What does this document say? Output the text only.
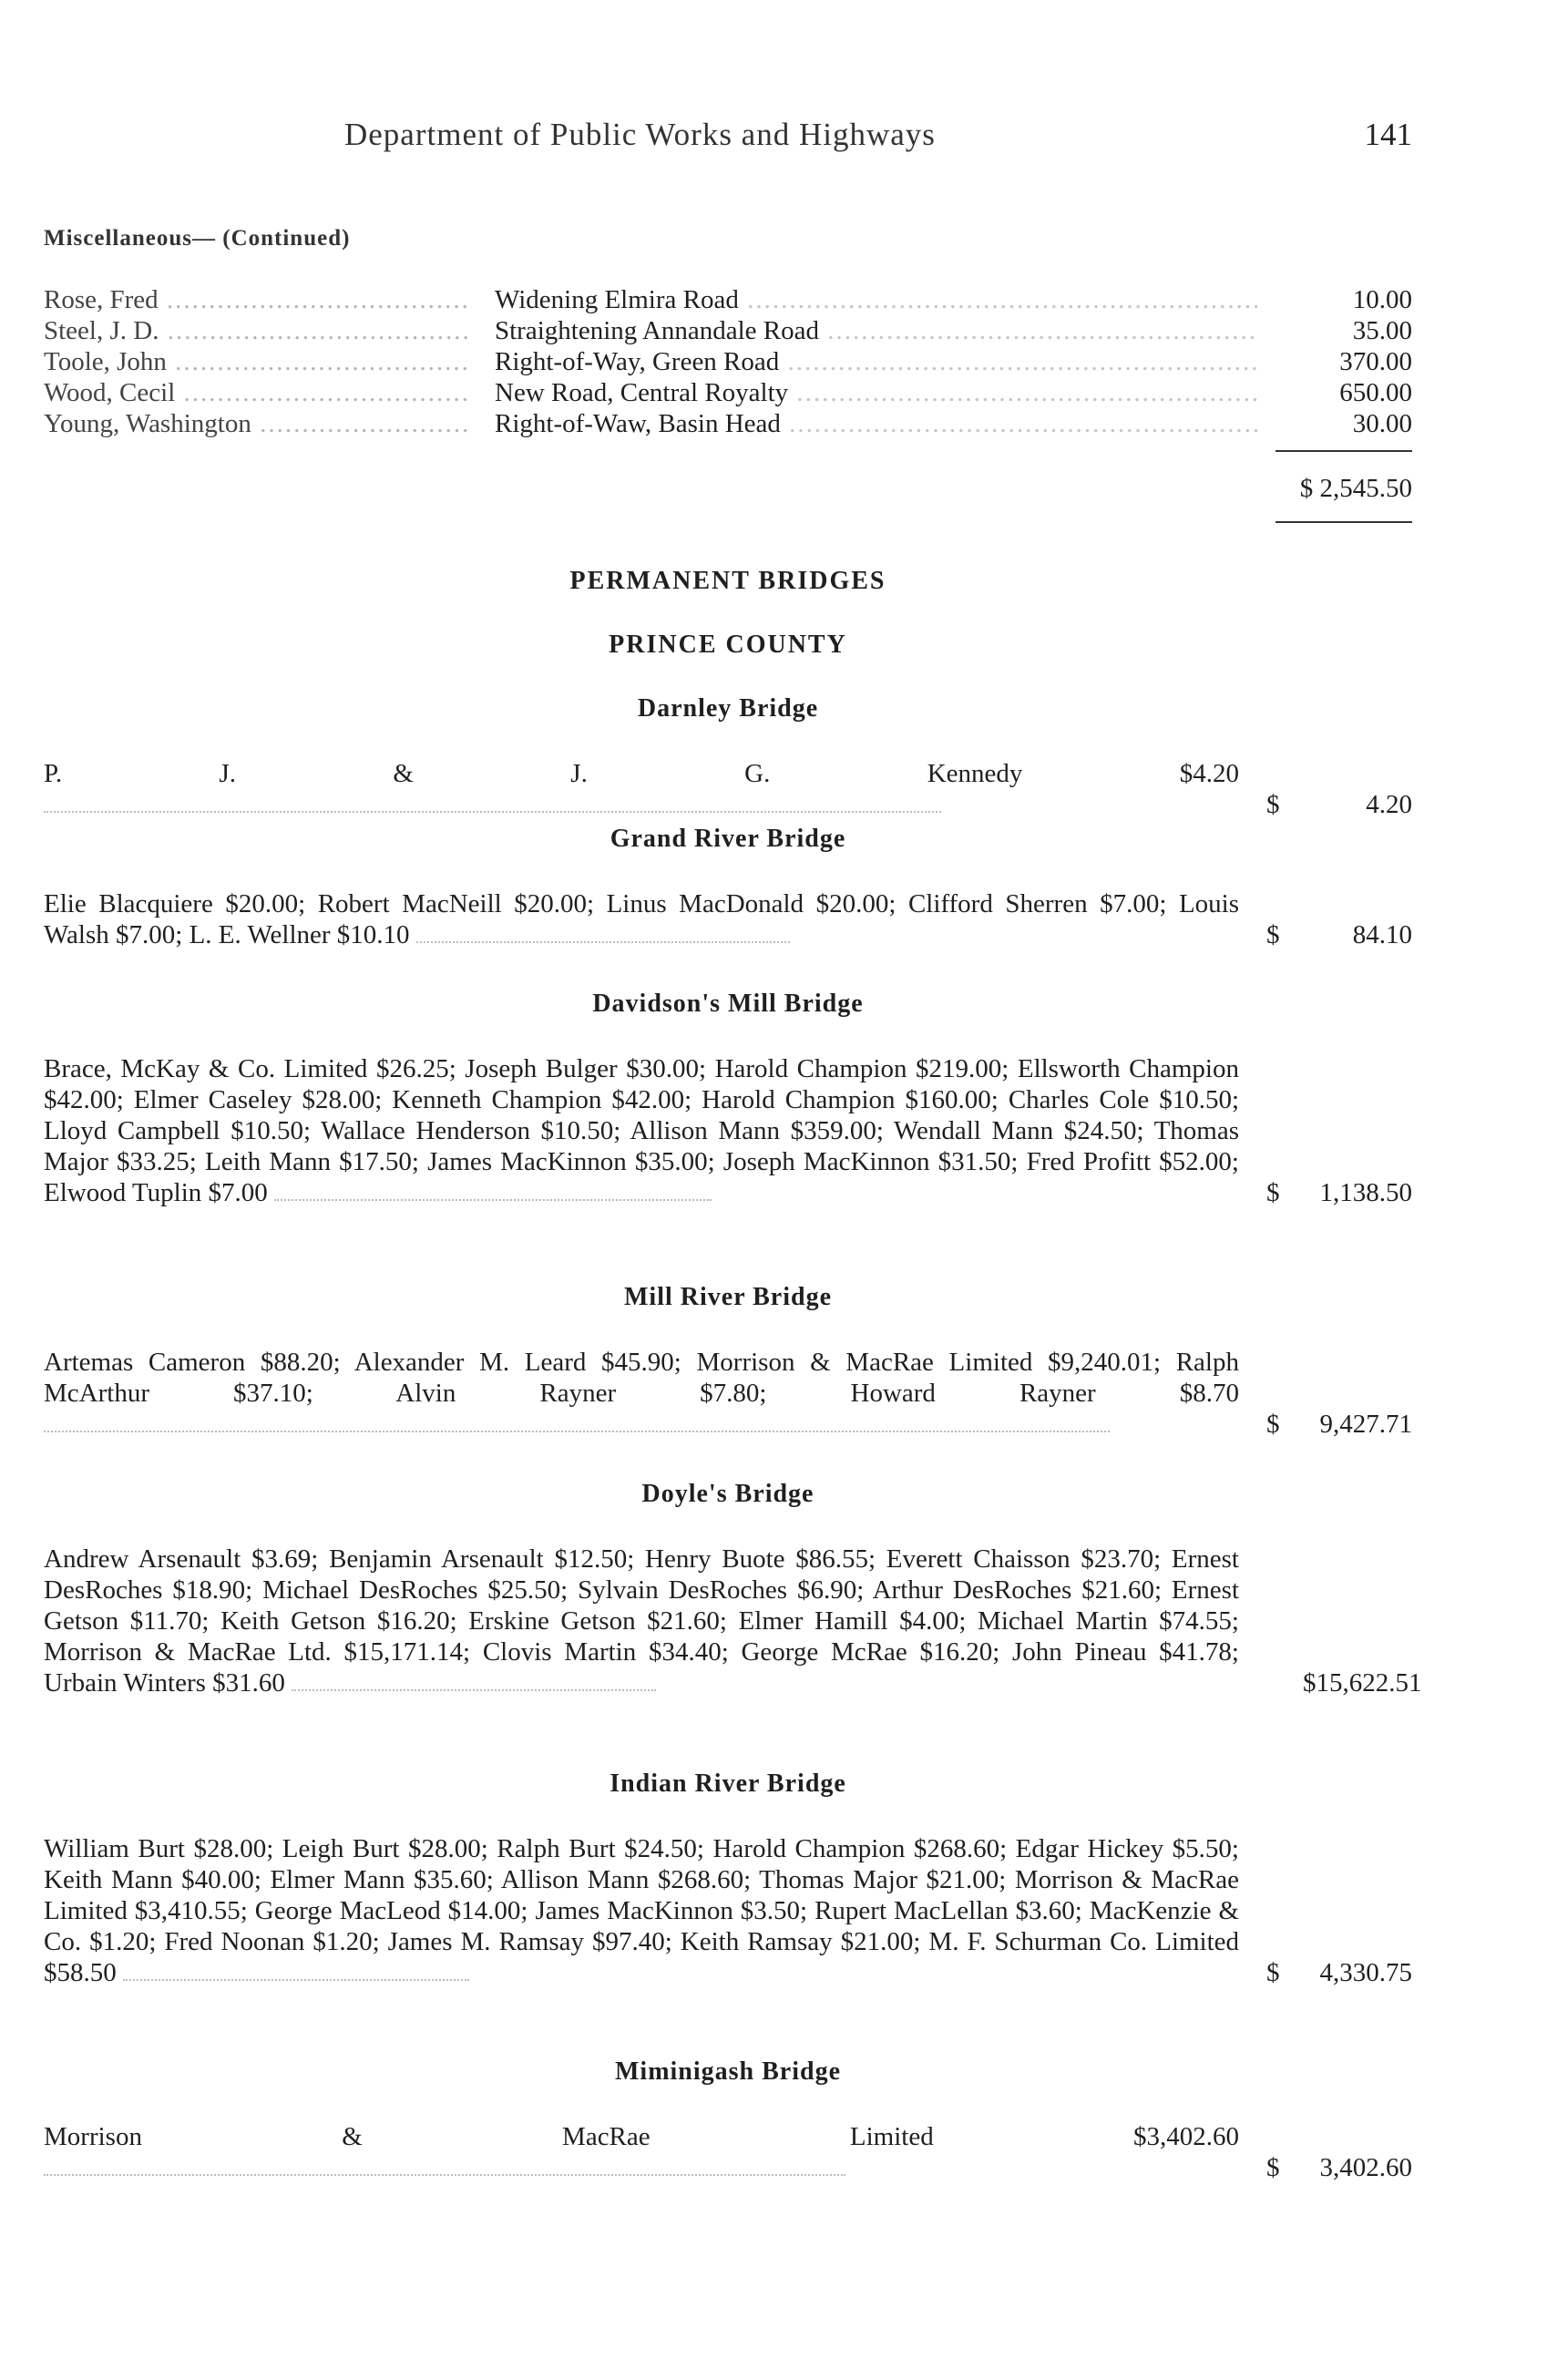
Department of Public Works and Highways	141
Miscellaneous— (Continued)
Rose, Fred .....	Widening Elmira Road .....	10.00
Steel, J. D. .....	Straightening Annandale Road .....	35.00
Toole, John .....	Right-of-Way, Green Road .....	370.00
Wood, Cecil .....	New Road, Central Royalty .....	650.00
Young, Washington .....	Right-of-Waw, Basin Head .....	30.00
$ 2,545.50
PERMANENT BRIDGES
PRINCE COUNTY
Darnley Bridge

P. J. & J. G. Kennedy $4.20

$	4.20
Grand River Bridge

Elie Blacquiere $20.00; Robert MacNeill $20.00; Linus MacDonald $20.00; Clifford Sherren $7.00; Louis Walsh $7.00; L. E. Wellner $10.10	$	84.10
Davidson's Mill Bridge

Brace, McKay & Co. Limited $26.25; Joseph Bulger $30.00; Harold Champion $219.00; Ellsworth Champion $42.00; Elmer Caseley $28.00; Kenneth Champion $42.00; Harold Champion $160.00; Charles Cole $10.50; Lloyd Campbell $10.50; Wallace Henderson $10.50; Allison Mann $359.00; Wendall Mann $24.50; Thomas Major $33.25; Leith Mann $17.50; James MacKinnon $35.00; Joseph MacKinnon $31.50; Fred Profitt $52.00; Elwood Tuplin $7.00	$ 1,138.50
Mill River Bridge

Artemas Cameron $88.20; Alexander M. Leard $45.90; Morrison & MacRae Limited $9,240.01; Ralph McArthur $37.10; Alvin Rayner $7.80; Howard Rayner $8.70

$ 9,427.71
Doyle's Bridge

Andrew Arsenault $3.69; Benjamin Arsenault $12.50; Henry Buote $86.55; Everett Chaisson $23.70; Ernest DesRoches $18.90; Michael DesRoches $25.50; Sylvain DesRoches $6.90; Arthur DesRoches $21.60; Ernest Getson $11.70; Keith Getson $16.20; Erskine Getson $21.60; Elmer Hamill $4.00; Michael Martin $74.55; Morrison & MacRae Ltd. $15,171.14; Clovis Martin $34.40; George McRae $16.20; John Pineau $41.78; Urbain Winters $31.60	$15,622.51
Indian River Bridge

William Burt $28.00; Leigh Burt $28.00; Ralph Burt $24.50; Harold Champion $268.60; Edgar Hickey $5.50; Keith Mann $40.00; Elmer Mann $35.60; Allison Mann $268.60; Thomas Major $21.00; Morrison & MacRae Limited $3,410.55; George MacLeod $14.00; James MacKinnon $3.50; Rupert MacLellan $3.60; MacKenzie & Co. $1.20; Fred Noonan $1.20; James M. Ramsay $97.40; Keith Ramsay $21.00; M. F. Schurman Co. Limited $58.50	$ 4,330.75
Miminigash Bridge

Morrison & MacRae Limited $3,402.60

$ 3,402.60
